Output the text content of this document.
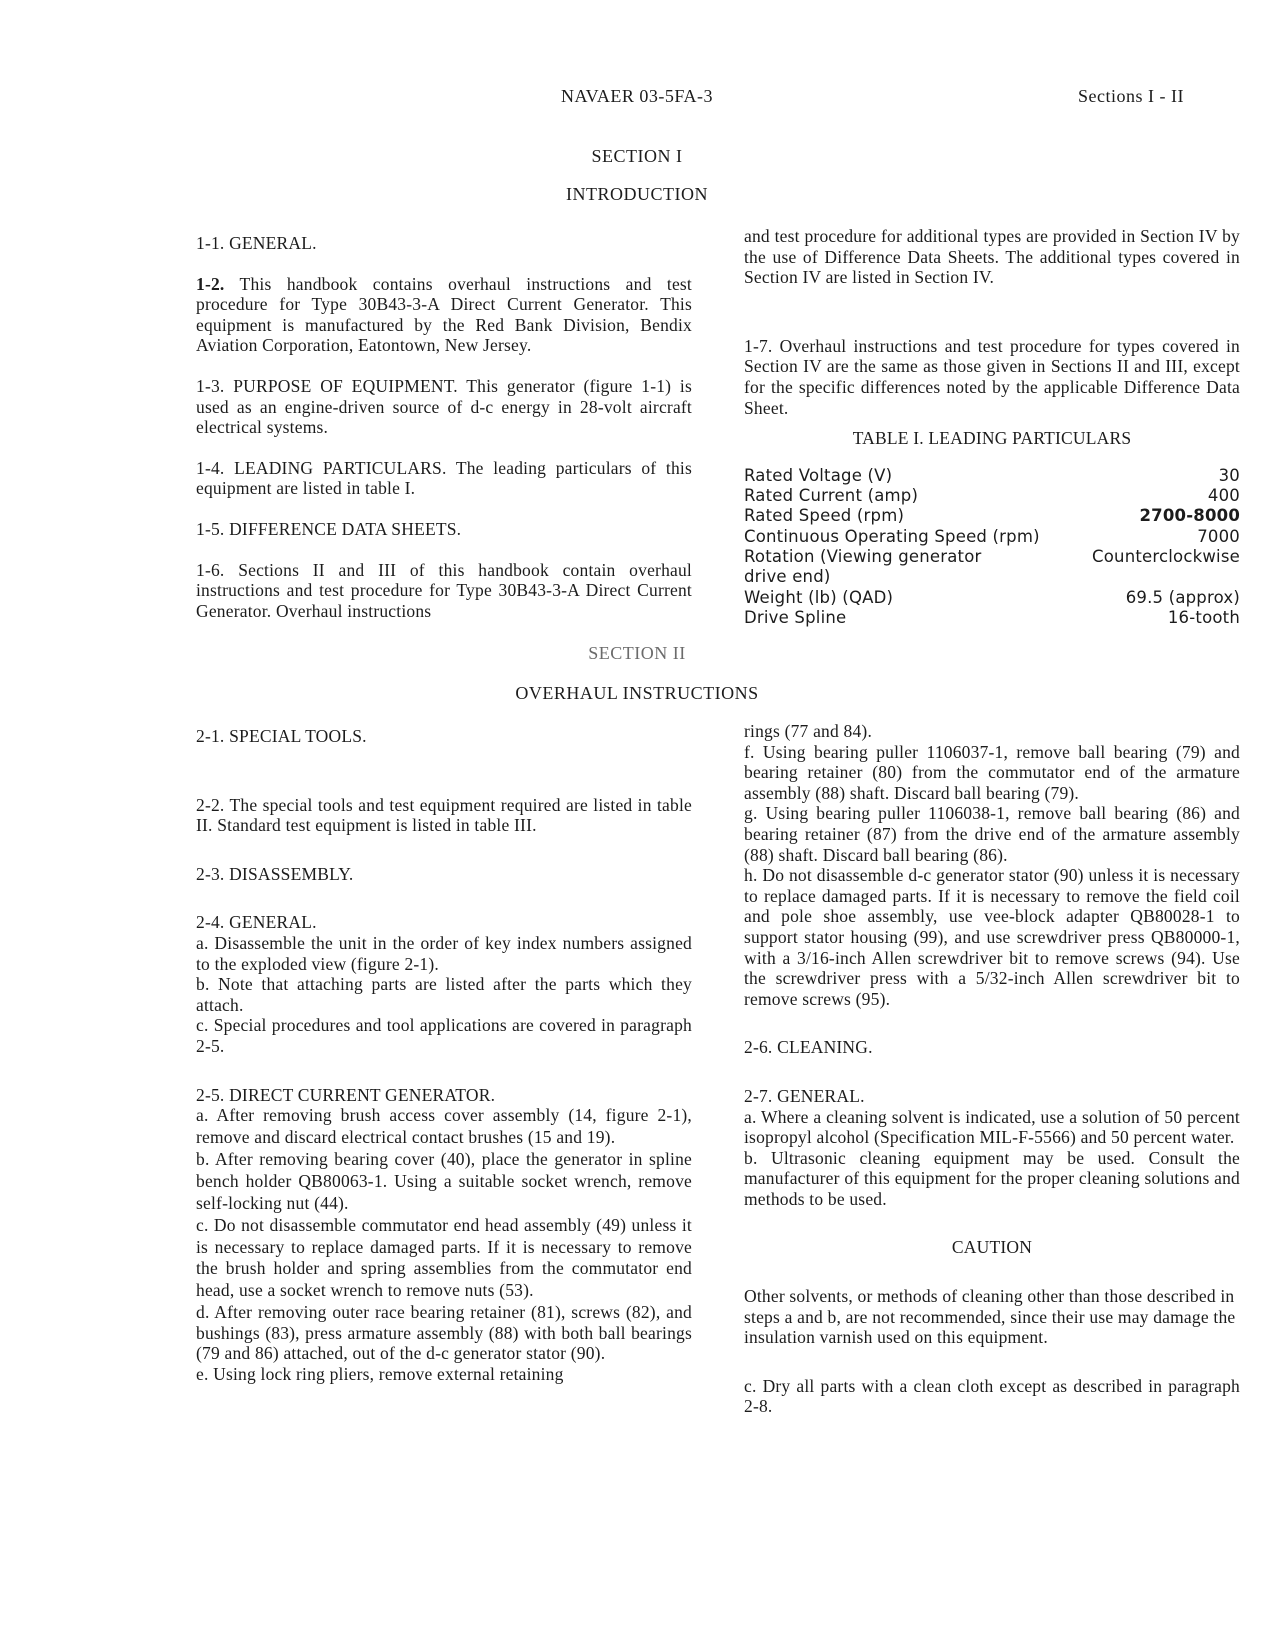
NAVAER 03-5FA-3	Sections I - II
SECTION I
INTRODUCTION

1-1. GENERAL.

1-2. This handbook contains overhaul instructions and test procedure for Type 30B43-3-A Direct Current Generator. This equipment is manufactured by the Red Bank Division, Bendix Aviation Corporation, Eatontown, New Jersey.

1-3. PURPOSE OF EQUIPMENT. This generator (figure 1-1) is used as an engine-driven source of d-c energy in 28-volt aircraft electrical systems.

1-4. LEADING PARTICULARS. The leading particulars of this equipment are listed in table I.

1-5. DIFFERENCE DATA SHEETS.

1-6. Sections II and III of this handbook contain overhaul instructions and test procedure for Type 30B43-3-A Direct Current Generator. Overhaul instructions

and test procedure for additional types are provided in Section IV by the use of Difference Data Sheets. The additional types covered in Section IV are listed in Section IV.

1-7. Overhaul instructions and test procedure for types covered in Section IV are the same as those given in Sections II and III, except for the specific differences noted by the applicable Difference Data Sheet.

TABLE I. LEADING PARTICULARS

Rated Voltage (V)	30
Rated Current (amp)	400
Rated Speed (rpm)	2700-8000
Continuous Operating Speed (rpm)	7000
Rotation (Viewing generator	Counterclockwise
drive end)	
Weight (lb) (QAD)	69.5 (approx)
Drive Spline	16-tooth
SECTION II
OVERHAUL INSTRUCTIONS

2-1. SPECIAL TOOLS.

2-2. The special tools and test equipment required are listed in table II. Standard test equipment is listed in table III.

2-3. DISASSEMBLY.

2-4. GENERAL.

a. Disassemble the unit in the order of key index numbers assigned to the exploded view (figure 2-1).

b. Note that attaching parts are listed after the parts which they attach.

c. Special procedures and tool applications are covered in paragraph 2-5.

2-5. DIRECT CURRENT GENERATOR.

a. After removing brush access cover assembly (14, figure 2-1), remove and discard electrical contact brushes (15 and 19).

b. After removing bearing cover (40), place the generator in spline bench holder QB80063-1. Using a suitable socket wrench, remove self-locking nut (44).

c. Do not disassemble commutator end head assembly (49) unless it is necessary to replace damaged parts. If it is necessary to remove the brush holder and spring assemblies from the commutator end head, use a socket wrench to remove nuts (53).

d. After removing outer race bearing retainer (81), screws (82), and bushings (83), press armature assembly (88) with both ball bearings (79 and 86) attached, out of the d-c generator stator (90).

e. Using lock ring pliers, remove external retaining

rings (77 and 84).

f. Using bearing puller 1106037-1, remove ball bearing (79) and bearing retainer (80) from the commutator end of the armature assembly (88) shaft. Discard ball bearing (79).

g. Using bearing puller 1106038-1, remove ball bearing (86) and bearing retainer (87) from the drive end of the armature assembly (88) shaft. Discard ball bearing (86).

h. Do not disassemble d-c generator stator (90) unless it is necessary to replace damaged parts. If it is necessary to remove the field coil and pole shoe assembly, use vee-block adapter QB80028-1 to support stator housing (99), and use screwdriver press QB80000-1, with a 3/16-inch Allen screwdriver bit to remove screws (94). Use the screwdriver press with a 5/32-inch Allen screwdriver bit to remove screws (95).

2-6. CLEANING.

2-7. GENERAL.

a. Where a cleaning solvent is indicated, use a solution of 50 percent isopropyl alcohol (Specification MIL-F-5566) and 50 percent water.

b. Ultrasonic cleaning equipment may be used. Consult the manufacturer of this equipment for the proper cleaning solutions and methods to be used.

CAUTION

Other solvents, or methods of cleaning other than those described in steps a and b, are not recommended, since their use may damage the insulation varnish used on this equipment.

c. Dry all parts with a clean cloth except as described in paragraph 2-8.
